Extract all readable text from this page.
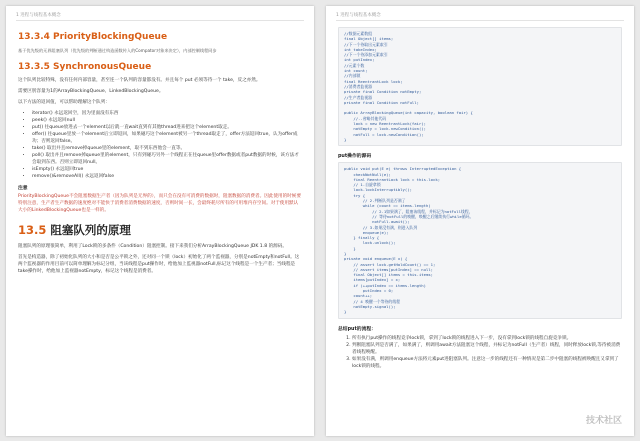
1 进程与线程基本概念
13.3.4 PriorityBlockingQueue
基于优先级的无界阻塞队列（优先级的判断通过构造函数传入的Compator对象来决定），内部控制线程同步
13.3.5 SynchronousQueue
这个队列比较特殊，没有任何内部容量，甚至连一个队列的容量都没有。并且每个 put 必须等待一个 take，反之亦然。
需要区别容量为1的ArrayBlockingQueue、LinkedBlockingQueue。
以下方法的返回值，可以帮助理解这个队列：
• iterator() 永远返回空，因为里面没有东西
• peek() 永远返回null
• put() 往queue放进去一个element以后就一直wait直到有其他thread进来把这个element取走。
• offer() 往queue里放一个element后立即返回，如果碰巧这个element被另一个thread取走了，offer方法返回true，认为offer成功；否则返回false。
• take() 取出并且remove掉queue里的element，取不到东西他会一直等。
• poll() 取出并且remove掉queue里的element，只有到碰巧另外一个线程正在往queue里offer数据或者put数据的时候，该方法才会取到东西。否则立即返回null。
• isEmpty() 永远返回true
• remove()&removeAll() 永远返回false
注意
PriorityBlockingQueue不会阻塞数据生产者（因为队列是无界的），而只会在没有可消费的数据时，阻塞数据的消费者。因此使用的时候要特别注意，生产者生产数据的速度绝对不能快于消费者消费数据的速度，否则时间一长，会最终耗尽所有的可用堆内存空间。对于使用默认大小的LinkedBlockingQueue也是一样的。
13.5 阻塞队列的原理
阻塞队列的原理很简单，利用了Lock锁的多条件（Condition）阻塞控制。接下来我们分析ArrayBlockingQueue JDK 1.8 的源码。
首先是构造器，除了初始化队列的大小和是否是公平锁之外，还对同一个锁（lock）初始化了两个监视器，分别是notEmpty和notFull。这两个监视器的作用目前可以简单理解为标记分组，当该线程是put操作时，给他加上监视器notFull,标记这个线程是一个生产者；当线程是take操作时，给他加上监视器notEmpty，标记这个线程是消费者。
1 进程与线程基本概念
//数据元素数组
final Object[] items;
//下一个待取出元素索引
int takeIndex;
//下一个待添加元素索引
int putIndex;
//元素个数
int count;
//内部锁
final ReentrantLock lock;
//消费者监视器
private final Condition notEmpty;
//生产者监视器
private final Condition notFull;

public ArrayBlockingQueue(int capacity, boolean fair) {
//..省略其他代码
lock = new ReentrantLock(fair);
notEmpty = lock.newCondition();
notFull = lock.newCondition();
}
put操作的源码
public void put(E e) throws InterruptedException {
checkNotNull(e);
final ReentrantLock lock = this.lock;
// 1.自旋拿锁
lock.lockInterruptibly();
try {
// 2.判断队列是否满了
while (count == items.length)
// 2.1如果满了，阻塞该线程，并标记为notFull线程，
// 等待notFull的唤醒，唤醒之后继续执行while循环。
notFull.await();
// 3.如果没有满，则进入队列
enqueue(e);
} finally {
lock.unlock();
}
}
private void enqueue(E x) {
// assert lock.getHoldCount() == 1;
// assert items[putIndex] == null;
final Object[] items = this.items;
items[putIndex] = x;
if (++putIndex == items.length)
putIndex = 0;
count++;
// 4 唤醒一个等待的线程
notEmpty.signal();
}
总结put的流程：
1. 所有执行put操作的线程竞争lock锁，拿到了lock锁的线程进入下一步，没有拿到lock锁的线程自旋竞争锁。
2. 判断阻塞队列是否满了，如果满了，则调用await方法阻塞这个线程，并标记为notFull（生产者）线程，同时释放lock锁,等待被消费者线程唤醒。
3. 如果没有满，则调用enqueue方法将元素put进阻塞队列。注意这一步的线程还有一种情况是第二步中阻塞的线程被唤醒且又拿到了lock锁的线程。
技术社区
